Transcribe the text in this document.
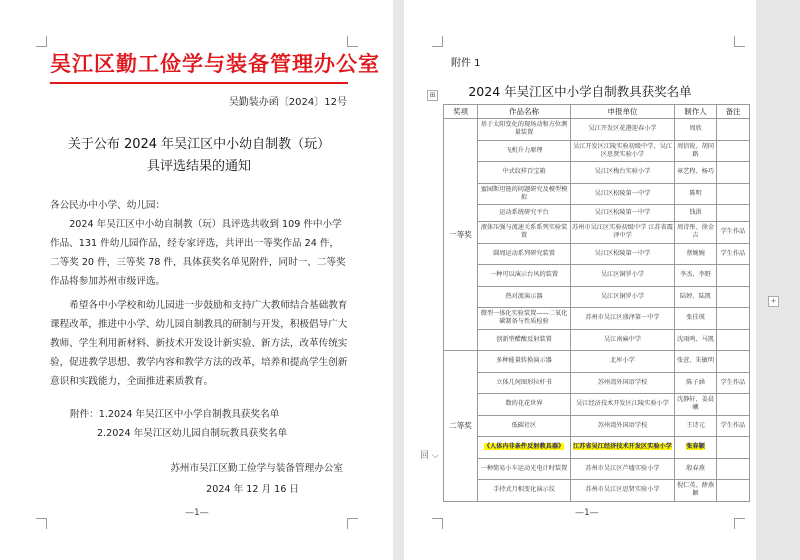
吴江区勤工俭学与装备管理办公室
吴勤装办函〔2024〕12号
关于公布 2024 年吴江区中小幼自制教（玩）
具评选结果的通知

各公民办中小学、幼儿园：

2024 年吴江区中小幼自制教（玩）具评选共收到 109 件中小学作品、131 件幼儿园作品，经专家评选，共评出一等奖作品 24 件，二等奖 20 件，三等奖 78 件，具体获奖名单见附件，同时一、二等奖作品将参加苏州市级评选。

希望各中小学校和幼儿园进一步鼓励和支持广大教师结合基础教育课程改革，推进中小学、幼儿园自制教具的研制与开发，积极倡导广大教师、学生利用新材料、新技术开发设计新实验、新方法，改革传统实验，促进教学思想、教学内容和教学方法的改革，培养和提高学生创新意识和实践能力，全面推进素质教育。

附件：1.2024 年吴江区中小学自制教具获奖名单

2.2024 年吴江区幼儿园自制玩教具获奖名单

苏州市吴江区勤工俭学与装备管理办公室
2024 年 12 月 16 日
—1—
附件 1
⊞	2024 年吴江区中小学自制教具获奖名单
奖项	作品名称	申报单位	制作人	备注
一等奖	基于太阳变化的现场动和方位测量装置	吴江开发区花港迎春小学	周欣	
	飞机升力原理	吴江开发区江陵实验初级中学，吴江区思贤实验小学	周信锐、胡同路	
	中式纹样百宝箱	吴江区梅台实验小学	章艺程、杨巧	
	蜜园斯坦链的问题研究及模型模拟	吴江区松陵第一中学	陈明	
	运动系统研究平台	吴江区松陵第一中学	钱洪	
	液体压强与流速关系系列实验装置	苏州市吴江区实验初级中学 江苏省震泽中学	周诗彤、徐金吉	学生作品
	圆周运动系列研究装置	吴江区松陵第一中学	蔡婉婉	学生作品
	一种可以演示台风的装置	吴江区铜罗小学	李杰、李野	
	热对流演示器	吴江区铜罗小学	陆婷、陆凯	
	微型一体化实验装置——二氧化碳制备与性质检验	苏州市吴江区盛泽第一中学	张佳瑛	
	创新型醋酸反射装置	吴江南麻中学	沈雨鸣、马凯	
二等奖	多种能量转换演示器	北厍小学	张萱、朱敏明	
	立体几何图形拉杆书	苏州湾外国语学校	陈子涵	学生作品
	数的花花世界	吴江经济技术开发区江陵实验小学	沈静轩、姜晨曦	
	低碳社区	苏州湾外国语学校	王诗元	学生作品
	《人体内非条件反射教具器》	江苏省吴江经济技术开发区实验小学	张春颖	
	一种简易小车运动光电计时装置	苏州市吴江区芦墟实验小学	殷春燕	
	手持式月相变化演示仪	苏州市吴江区思贤实验小学	倪仁英、薛燕颖	
—1—
回 ⌵
+
